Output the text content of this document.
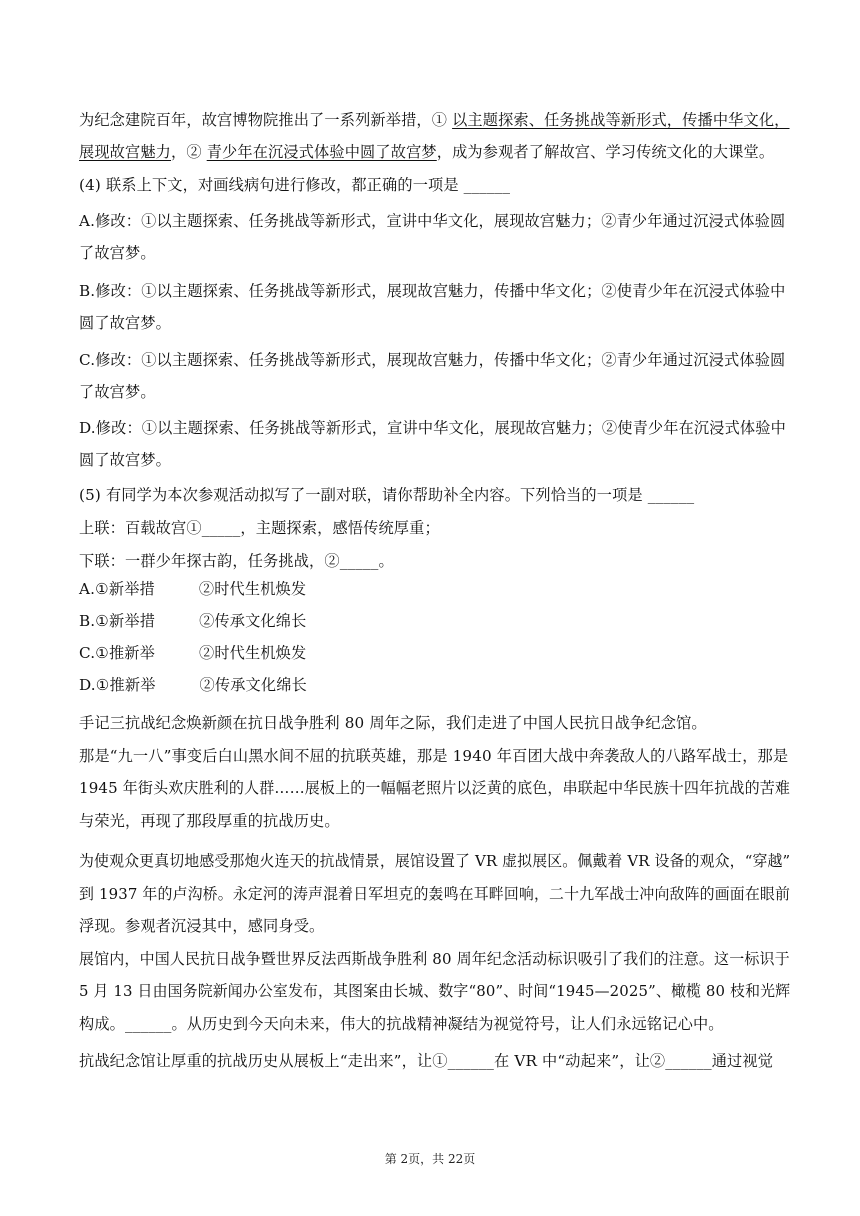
为纪念建院百年，故宫博物院推出了一系列新举措，① 以主题探索、任务挑战等新形式，传播中华文化，
展现故宫魅力，② 青少年在沉浸式体验中圆了故宫梦，成为参观者了解故宫、学习传统文化的大课堂。
(4) 联系上下文，对画线病句进行修改，都正确的一项是 ______
A.修改：①以主题探索、任务挑战等新形式，宣讲中华文化，展现故宫魅力；②青少年通过沉浸式体验圆
了故宫梦。
B.修改：①以主题探索、任务挑战等新形式，展现故宫魅力，传播中华文化；②使青少年在沉浸式体验中
圆了故宫梦。
C.修改：①以主题探索、任务挑战等新形式，展现故宫魅力，传播中华文化；②青少年通过沉浸式体验圆
了故宫梦。
D.修改：①以主题探索、任务挑战等新形式，宣讲中华文化，展现故宫魅力；②使青少年在沉浸式体验中
圆了故宫梦。
(5) 有同学为本次参观活动拟写了一副对联，请你帮助补全内容。下列恰当的一项是 ______
上联：百载故宫①_____，主题探索，感悟传统厚重；
下联：一群少年探古韵，任务挑战，②_____。
A.①新举措	②时代生机焕发
B.①新举措	②传承文化绵长
C.①推新举	②时代生机焕发
D.①推新举	②传承文化绵长
手记三抗战纪念焕新颜在抗日战争胜利 80 周年之际，我们走进了中国人民抗日战争纪念馆。
那是“九一八”事变后白山黑水间不屈的抗联英雄，那是 1940 年百团大战中奔袭敌人的八路军战士，那是
1945 年街头欢庆胜利的人群……展板上的一幅幅老照片以泛黄的底色，串联起中华民族十四年抗战的苦难
与荣光，再现了那段厚重的抗战历史。
为使观众更真切地感受那炮火连天的抗战情景，展馆设置了 VR 虚拟展区。佩戴着 VR 设备的观众，“穿越”
到 1937 年的卢沟桥。永定河的涛声混着日军坦克的轰鸣在耳畔回响，二十九军战士冲向敌阵的画面在眼前
浮现。参观者沉浸其中，感同身受。
展馆内，中国人民抗日战争暨世界反法西斯战争胜利 80 周年纪念活动标识吸引了我们的注意。这一标识于
5 月 13 日由国务院新闻办公室发布，其图案由长城、数字“80”、时间“1945—2025”、橄榄 80 枝和光辉
构成。______。从历史到今天向未来，伟大的抗战精神凝结为视觉符号，让人们永远铭记心中。
抗战纪念馆让厚重的抗战历史从展板上“走出来”，让①______在 VR 中“动起来”，让②______通过视觉
第 2页，共 22页
